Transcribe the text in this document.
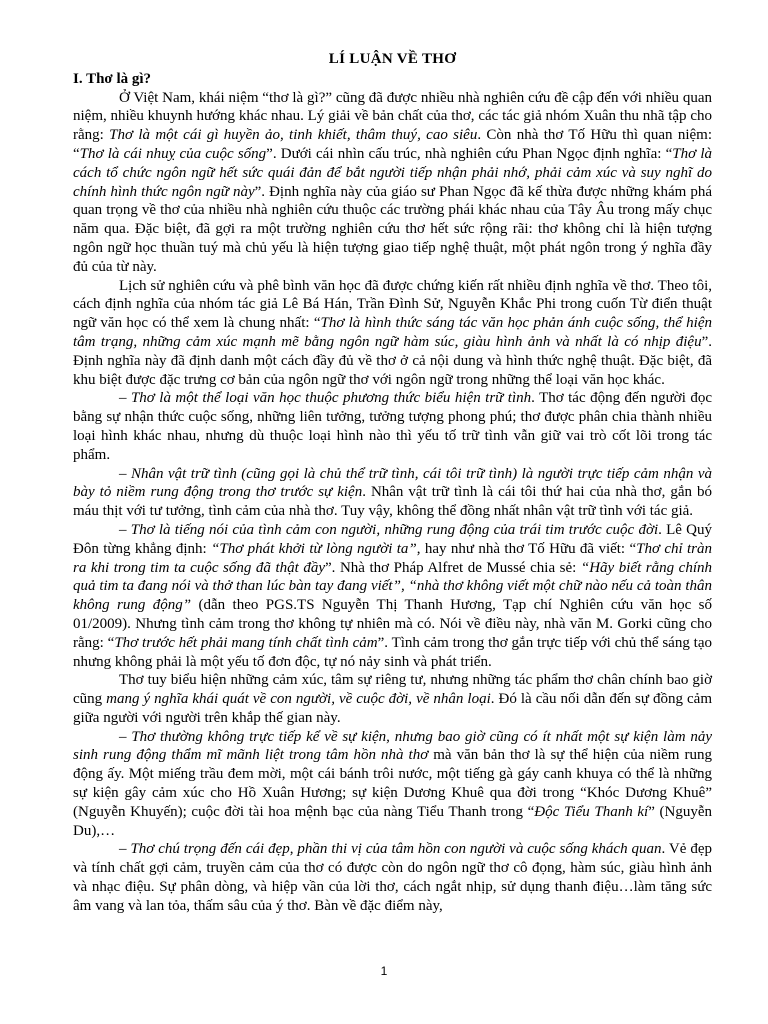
LÍ LUẬN VỀ THƠ

I. Thơ là gì?

Ở Việt Nam, khái niệm “thơ là gì?” cũng đã được nhiều nhà nghiên cứu đề cập đến với nhiều quan niệm, nhiều khuynh hướng khác nhau. Lý giải về bản chất của thơ, các tác giả nhóm Xuân thu nhã tập cho rằng: Thơ là một cái gì huyền ảo, tinh khiết, thâm thuý, cao siêu. Còn nhà thơ Tố Hữu thì quan niệm: “Thơ là cái nhuỵ của cuộc sống”. Dưới cái nhìn cấu trúc, nhà nghiên cứu Phan Ngọc định nghĩa: “Thơ là cách tổ chức ngôn ngữ hết sức quái đản để bắt người tiếp nhận phải nhớ, phải cảm xúc và suy nghĩ do chính hình thức ngôn ngữ này”. Định nghĩa này của giáo sư Phan Ngọc đã kế thừa được những khám phá quan trọng về thơ của nhiều nhà nghiên cứu thuộc các trường phái khác nhau của Tây Âu trong mấy chục năm qua. Đặc biệt, đã gợi ra một trường nghiên cứu thơ hết sức rộng rãi: thơ không chỉ là hiện tượng ngôn ngữ học thuần tuý mà chủ yếu là hiện tượng giao tiếp nghệ thuật, một phát ngôn trong ý nghĩa đầy đủ của từ này.

Lịch sử nghiên cứu và phê bình văn học đã được chứng kiến rất nhiều định nghĩa về thơ. Theo tôi, cách định nghĩa của nhóm tác giả Lê Bá Hán, Trần Đình Sử, Nguyễn Khắc Phi trong cuốn Từ điển thuật ngữ văn học có thể xem là chung nhất: “Thơ là hình thức sáng tác văn học phản ánh cuộc sống, thể hiện tâm trạng, những cảm xúc mạnh mẽ bằng ngôn ngữ hàm súc, giàu hình ảnh và nhất là có nhịp điệu”. Định nghĩa này đã định danh một cách đầy đủ về thơ ở cả nội dung và hình thức nghệ thuật. Đặc biệt, đã khu biệt được đặc trưng cơ bản của ngôn ngữ thơ với ngôn ngữ trong những thể loại văn học khác.

– Thơ là một thể loại văn học thuộc phương thức biểu hiện trữ tình. Thơ tác động đến người đọc bằng sự nhận thức cuộc sống, những liên tưởng, tưởng tượng phong phú; thơ được phân chia thành nhiều loại hình khác nhau, nhưng dù thuộc loại hình nào thì yếu tố trữ tình vẫn giữ vai trò cốt lõi trong tác phẩm.

– Nhân vật trữ tình (cũng gọi là chủ thể trữ tình, cái tôi trữ tình) là người trực tiếp cảm nhận và bày tỏ niềm rung động trong thơ trước sự kiện. Nhân vật trữ tình là cái tôi thứ hai của nhà thơ, gắn bó máu thịt với tư tưởng, tình cảm của nhà thơ. Tuy vậy, không thể đồng nhất nhân vật trữ tình với tác giả.

– Thơ là tiếng nói của tình cảm con người, những rung động của trái tim trước cuộc đời. Lê Quý Đôn từng khẳng định: “Thơ phát khởi từ lòng người ta”, hay như nhà thơ Tố Hữu đã viết: “Thơ chỉ tràn ra khi trong tim ta cuộc sống đã thật đầy”. Nhà thơ Pháp Alfret de Mussé chia sẻ: “Hãy biết rằng chính quả tim ta đang nói và thở than lúc bàn tay đang viết”, “nhà thơ không viết một chữ nào nếu cả toàn thân không rung động” (dẫn theo PGS.TS Nguyễn Thị Thanh Hương, Tạp chí Nghiên cứu văn học số 01/2009). Nhưng tình cảm trong thơ không tự nhiên mà có. Nói về điều này, nhà văn M. Gorki cũng cho rằng: “Thơ trước hết phải mang tính chất tình cảm”. Tình cảm trong thơ gắn trực tiếp với chủ thể sáng tạo nhưng không phải là một yếu tố đơn độc, tự nó nảy sinh và phát triển.

Thơ tuy biểu hiện những cảm xúc, tâm sự riêng tư, nhưng những tác phẩm thơ chân chính bao giờ cũng mang ý nghĩa khái quát về con người, về cuộc đời, về nhân loại. Đó là cầu nối dẫn đến sự đồng cảm giữa người với người trên khắp thế gian này.

– Thơ thường không trực tiếp kể về sự kiện, nhưng bao giờ cũng có ít nhất một sự kiện làm nảy sinh rung động thẩm mĩ mãnh liệt trong tâm hồn nhà thơ mà văn bản thơ là sự thể hiện của niềm rung động ấy. Một miếng trầu đem mời, một cái bánh trôi nước, một tiếng gà gáy canh khuya có thể là những sự kiện gây cảm xúc cho Hồ Xuân Hương; sự kiện Dương Khuê qua đời trong “Khóc Dương Khuê” (Nguyễn Khuyến); cuộc đời tài hoa mệnh bạc của nàng Tiểu Thanh trong “Độc Tiểu Thanh kí” (Nguyễn Du),…

– Thơ chú trọng đến cái đẹp, phần thi vị của tâm hồn con người và cuộc sống khách quan. Vẻ đẹp và tính chất gợi cảm, truyền cảm của thơ có được còn do ngôn ngữ thơ cô đọng, hàm súc, giàu hình ảnh và nhạc điệu. Sự phân dòng, và hiệp vần của lời thơ, cách ngắt nhịp, sử dụng thanh điệu…làm tăng sức âm vang và lan tỏa, thấm sâu của ý thơ. Bàn về đặc điểm này,

1
